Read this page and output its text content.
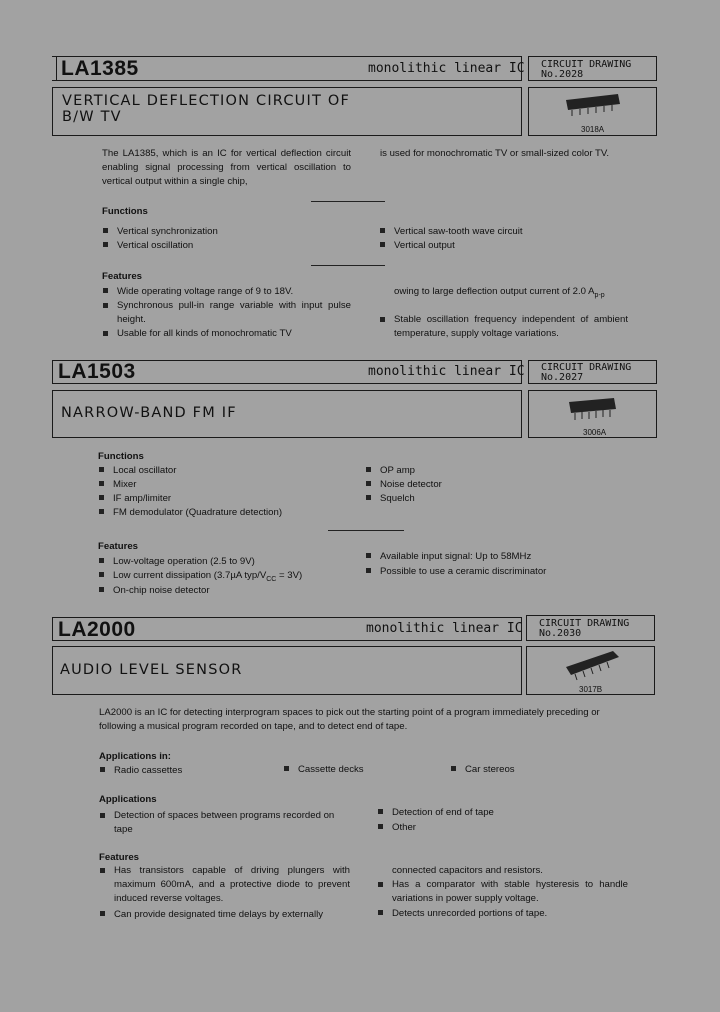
LA1385	monolithic linear IC CIRCUIT DRAWING
No.2028
VERTICAL DEFLECTION CIRCUIT OF
B/W TV
3018A
The LA1385, which is an IC for vertical deflection circuit enabling signal processing from vertical oscillation to vertical output within a single chip,
is used for monochromatic TV or small-sized color TV.
Functions
Vertical synchronization
Vertical oscillation
Vertical saw-tooth wave circuit
Vertical output
Features
Wide operating voltage range of 9 to 18V.
Synchronous pull-in range variable with input pulse height.
Usable for all kinds of monochromatic TV
owing to large deflection output current of 2.0 $A_{p-p}$
Stable oscillation frequency independent of ambient temperature, supply voltage variations.
LA1503	monolithic linear IC CIRCUIT DRAWING
No.2027
NARROW-BAND FM IF
3006A
Functions
Local oscillator
Mixer
IF amp/limiter
FM demodulator (Quadrature detection)
OP amp
Noise detector
Squelch
Features
Low-voltage operation (2.5 to 9V)
Low current dissipation (3.7µA typ/$V_{CC} = 3V$)
On-chip noise detector
Available input signal: Up to 58MHz
Possible to use a ceramic discriminator
LA2000	monolithic linear IC CIRCUIT DRAWING
No.2030
AUDIO LEVEL SENSOR
3017B
LA2000 is an IC for detecting interprogram spaces to pick out the starting point of a program immediately preceding or following a musical program recorded on tape, and to detect end of tape.
Applications in:
Radio cassettes	Cassette decks	Car stereos
Applications
Detection of spaces between programs recorded on tape
Detection of end of tape
Other
Features
Has transistors capable of driving plungers with maximum 600mA, and a protective diode to prevent induced reverse voltages.
Can provide designated time delays by externally
connected capacitors and resistors.
Has a comparator with stable hysteresis to handle variations in power supply voltage.
Detects unrecorded portions of tape.
